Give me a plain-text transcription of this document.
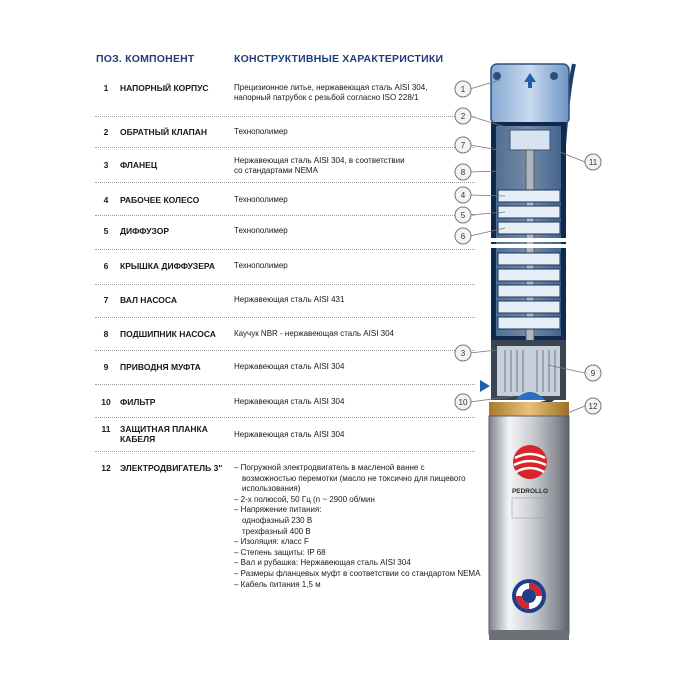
ПОЗ. КОМПОНЕНТ	КОНСТРУКТИВНЫЕ ХАРАКТЕРИСТИКИ
1	НАПОРНЫЙ КОРПУС	Прецизионное литье, нержавеющая сталь AISI 304,
напорный патрубок с резьбой согласно ISO 228/1
2	ОБРАТНЫЙ КЛАПАН	Технополимер
3	ФЛАНЕЦ	Нержавеющая сталь AISI 304, в соответствии
со стандартами NEMA
4	РАБОЧЕЕ КОЛЕСО	Технополимер
5	ДИФФУЗОР	Технополимер
6	КРЫШКА ДИФФУЗЕРА	Технополимер
7	ВАЛ НАСОСА	Нержавеющая сталь AISI 431
8	ПОДШИПНИК НАСОСА	Каучук NBR - нержавеющая сталь AISI 304
9	ПРИВОДНЯ МУФТА	Нержавеющая сталь AISI 304
10	ФИЛЬТР	Нержавеющая сталь AISI 304
11	ЗАЩИТНАЯ ПЛАНКА
КАБЕЛЯ	Нержавеющая сталь AISI 304
12	ЭЛЕКТРОДВИГАТЕЛЬ 3"	– Погружной электродвигатель в масленой ванне с
возможностью перемотки (масло не токсично для пищевого
использования)
– 2-х полюсой, 50 Гц (n ~ 2900 об/мин
– Напряжение питания:
однофазный 230 В
трехфазный 400 В
– Изоляция: класс F
– Степень защиты: IP 68
– Вал и рубашка: Нержавеющая сталь AISI 304
– Размеры фланцевых муфт в соответствии со стандартом NEMA
– Кабель питания 1,5 м
PEDROLLO
1
2
7
8
4
5
6
3
10
9
11
12
